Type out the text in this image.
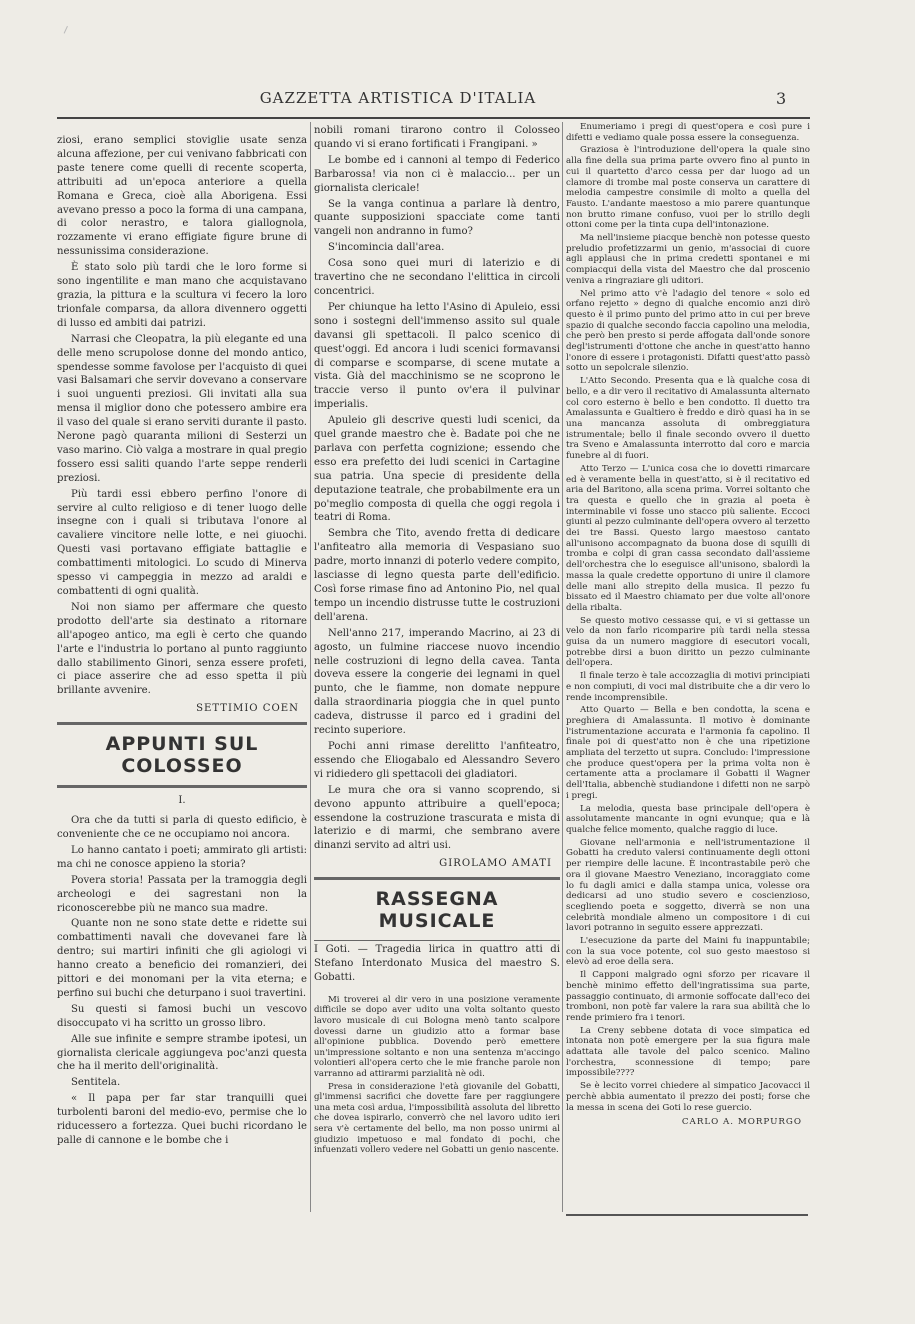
GAZZETTA ARTISTICA D'ITALIA	3

ziosi, erano semplici stoviglie usate senza alcuna affezione, per cui venivano fabbricati con paste tenere come quelli di recente scoperta, attribuiti ad un'epoca anteriore a quella Romana e Greca, cioè alla Aborigena. Essi avevano presso a poco la forma di una campana, di color nerastro, e talora giallognola, rozzamente vi erano effigiate figure brune di nessunissima considerazione.

È stato solo più tardi che le loro forme si sono ingentilite e man mano che acquistavano grazia, la pittura e la scultura vi fecero la loro trionfale comparsa, da allora divennero oggetti di lusso ed ambiti dai patrizi.

Narrasi che Cleopatra, la più elegante ed una delle meno scrupolose donne del mondo antico, spendesse somme favolose per l'acquisto di quei vasi Balsamari che servir dovevano a conservare i suoi unguenti preziosi. Gli invitati alla sua mensa il miglior dono che potessero ambire era il vaso del quale si erano serviti durante il pasto. Nerone pagò quaranta milioni di Sesterzi un vaso marino. Ciò valga a mostrare in qual pregio fossero essi saliti quando l'arte seppe renderli preziosi.

Più tardi essi ebbero perfino l'onore di servire al culto religioso e di tener luogo delle insegne con i quali si tributava l'onore al cavaliere vincitore nelle lotte, e nei giuochi. Questi vasi portavano effigiate battaglie e combattimenti mitologici. Lo scudo di Minerva spesso vi campeggia in mezzo ad araldi e combattenti di ogni qualità.

Noi non siamo per affermare che questo prodotto dell'arte sia destinato a ritornare all'apogeo antico, ma egli è certo che quando l'arte e l'industria lo portano al punto raggiunto dallo stabilimento Ginori, senza essere profeti, ci piace asserire che ad esso spetta il più brillante avvenire.

SETTIMIO COEN

APPUNTI SUL COLOSSEO

I.

Ora che da tutti si parla di questo edificio, è conveniente che ce ne occupiamo noi ancora.

Lo hanno cantato i poeti; ammirato gli artisti: ma chi ne conosce appieno la storia?

Povera storia! Passata per la tramoggia degli archeologi e dei sagrestani non la riconoscerebbe più ne manco sua madre.

Quante non ne sono state dette e ridette sui combattimenti navali che dovevanei fare là dentro; sui martiri infiniti che gli agiologi vi hanno creato a beneficio dei romanzieri, dei pittori e dei monomani per la vita eterna; e perfino sui buchi che deturpano i suoi travertini.

Su questi si famosi buchi un vescovo disoccupato vi ha scritto un grosso libro.

Alle sue infinite e sempre strambe ipotesi, un giornalista clericale aggiungeva poc'anzi questa che ha il merito dell'originalità.

Sentitela.

« Il papa per far star tranquilli quei turbolenti baroni del medio-evo, permise che lo riducessero a fortezza. Quei buchi ricordano le palle di cannone e le bombe che i

nobili romani tirarono contro il Colosseo quando vi si erano fortificati i Frangipani. »

Le bombe ed i cannoni al tempo di Federico Barbarossa! via non ci è malaccio... per un giornalista clericale!

Se la vanga continua a parlare là dentro, quante supposizioni spacciate come tanti vangeli non andranno in fumo?

S'incomincia dall'area.

Cosa sono quei muri di laterizio e di travertino che ne secondano l'elittica in circoli concentrici.

Per chiunque ha letto l'Asino di Apuleio, essi sono i sostegni dell'immenso assito sul quale davansi gli spettacoli. Il palco scenico di quest'oggi. Ed ancora i ludi scenici formavansi di comparse e scomparse, di scene mutate a vista. Già del macchinismo se ne scoprono le traccie verso il punto ov'era il pulvinar imperialis.

Apuleio gli descrive questi ludi scenici, da quel grande maestro che è. Badate poi che ne parlava con perfetta cognizione; essendo che esso era prefetto dei ludi scenici in Cartagine sua patria. Una specie di presidente della deputazione teatrale, che probabilmente era un po'meglio composta di quella che oggi regola i teatri di Roma.

Sembra che Tito, avendo fretta di dedicare l'anfiteatro alla memoria di Vespasiano suo padre, morto innanzi di poterlo vedere compito, lasciasse di legno questa parte dell'edificio. Così forse rimase fino ad Antonino Pio, nel qual tempo un incendio distrusse tutte le costruzioni dell'arena.

Nell'anno 217, imperando Macrino, ai 23 di agosto, un fulmine riaccese nuovo incendio nelle costruzioni di legno della cavea. Tanta doveva essere la congerie dei legnami in quel punto, che le fiamme, non domate neppure dalla straordinaria pioggia che in quel punto cadeva, distrusse il parco ed i gradini del recinto superiore.

Pochi anni rimase derelitto l'anfiteatro, essendo che Eliogabalo ed Alessandro Severo vi ridiedero gli spettacoli dei gladiatori.

Le mura che ora si vanno scoprendo, si devono appunto attribuire a quell'epoca; essendone la costruzione trascurata e mista di laterizio e di marmi, che sembrano avere dinanzi servito ad altri usi.

GIROLAMO AMATI

RASSEGNA MUSICALE

I Goti. — Tragedia lirica in quattro atti di Stefano Interdonato Musica del maestro S. Gobatti.

Mi troverei al dir vero in una posizione veramente difficile se dopo aver udito una volta soltanto questo lavoro musicale di cui Bologna menò tanto scalpore dovessi darne un giudizio atto a formar base all'opinione pubblica. Dovendo però emettere un'impressione soltanto e non una sentenza m'accingo volontieri all'opera certo che le mie franche parole non varranno ad attirarmi parzialità nè odi.

Presa in considerazione l'età giovanile del Gobatti, gl'immensi sacrifici che dovette fare per raggiungere una meta così ardua, l'impossibilità assoluta del libretto che dovea ispirarlo, converrò che nel lavoro udito ieri sera v'è certamente del bello, ma non posso unirmi al giudizio impetuoso e mal fondato di pochi, che infuenzati vollero vedere nel Gobatti un genio nascente.

Enumeriamo i pregi di quest'opera e così pure i difetti e vediamo quale possa essere la conseguenza.

Graziosa è l'introduzione dell'opera la quale sino alla fine della sua prima parte ovvero fino al punto in cui il quartetto d'arco cessa per dar luogo ad un clamore di trombe mal poste conserva un carattere di melodia campestre consimile di molto a quella del Fausto. L'andante maestoso a mio parere quantunque non brutto rimane confuso, vuoi per lo strillo degli ottoni come per la tinta cupa dell'intonazione.

Ma nell'insieme piacque benchè non potesse questo preludio profetizzarmi un genio, m'associai di cuore agli applausi che in prima credetti spontanei e mi compiacqui della vista del Maestro che dal proscenio veniva a ringraziare gli uditori.

Nel primo atto v'è l'adagio del tenore « solo ed orfano rejetto » degno di qualche encomio anzi dirò questo è il primo punto del primo atto in cui per breve spazio di qualche secondo faccia capolino una melodia, che però ben presto si perde affogata dall'onde sonore degl'istrumenti d'ottone che anche in quest'atto hanno l'onore di essere i protagonisti. Difatti quest'atto passò sotto un sepolcrale silenzio.

L'Atto Secondo. Presenta qua e là qualche cosa di bello, e a dir vero il recitativo di Amalassunta alternato col coro esterno è bello e ben condotto. Il duetto tra Amalassunta e Gualtiero è freddo e dirò quasi ha in se una mancanza assoluta di ombreggiatura istrumentale; bello il finale secondo ovvero il duetto tra Sveno e Amalassunta interrotto dal coro e marcia funebre al di fuori.

Atto Terzo — L'unica cosa che io dovetti rimarcare ed è veramente bella in quest'atto, si è il recitativo ed aria del Baritono, alla scena prima. Vorrei soltanto che tra questa e quello che in grazia al poeta è interminabile vi fosse uno stacco più saliente. Eccoci giunti al pezzo culminante dell'opera ovvero al terzetto dei tre Bassi. Questo largo maestoso cantato all'unisono accompagnato da buona dose di squilli di tromba e colpi di gran cassa secondato dall'assieme dell'orchestra che lo eseguisce all'unisono, sbalordì la massa la quale credette opportuno di unire il clamore delle mani allo strepito della musica. Il pezzo fu bissato ed il Maestro chiamato per due volte all'onore della ribalta.

Se questo motivo cessasse qui, e vi si gettasse un velo da non farlo ricomparire più tardi nella stessa guisa da un numero maggiore di esecutori vocali, potrebbe dirsi a buon diritto un pezzo culminante dell'opera.

Il finale terzo è tale accozzaglia di motivi principiati e non compiuti, di voci mal distribuite che a dir vero lo rende incomprensibile.

Atto Quarto — Bella e ben condotta, la scena e preghiera di Amalassunta. Il motivo è dominante l'istrumentazione accurata e l'armonia fa capolino. Il finale poi di quest'atto non è che una ripetizione ampliata del terzetto ut supra. Concludo: l'impressione che produce quest'opera per la prima volta non è certamente atta a proclamare il Gobatti il Wagner dell'Italia, abbenchè studiandone i difetti non ne sarpò i pregi.

La melodia, questa base principale dell'opera è assolutamente mancante in ogni evunque; qua e là qualche felice momento, qualche raggio di luce.

Giovane nell'armonia e nell'istrumentazione il Gobatti ha creduto valersi continuamente degli ottoni per riempire delle lacune. È incontrastabile però che ora il giovane Maestro Veneziano, incoraggiato come lo fu dagli amici e dalla stampa unica, volesse ora dedicarsi ad uno studio severo e coscienzioso, scegliendo poeta e soggetto, diverrà se non una celebrità mondiale almeno un compositore i di cui lavori potranno in seguito essere apprezzati.

L'esecuzione da parte del Maini fu inappuntabile; con la sua voce potente, col suo gesto maestoso si elevò ad eroe della sera.

Il Capponi malgrado ogni sforzo per ricavare il benchè minimo effetto dell'ingratissima sua parte, passaggio continuato, di armonie soffocate dall'eco dei tromboni, non potè far valere la rara sua abilità che lo rende primiero fra i tenori.

La Creny sebbene dotata di voce simpatica ed intonata non potè emergere per la sua figura male adattata alle tavole del palco scenico. Malino l'orchestra, sconnessione di tempo; pare impossibile????

Se è lecito vorrei chiedere al simpatico Jacovacci il perchè abbia aumentato il prezzo dei posti; forse che la messa in scena dei Goti lo rese guercio.

CARLO A. MORPURGO
